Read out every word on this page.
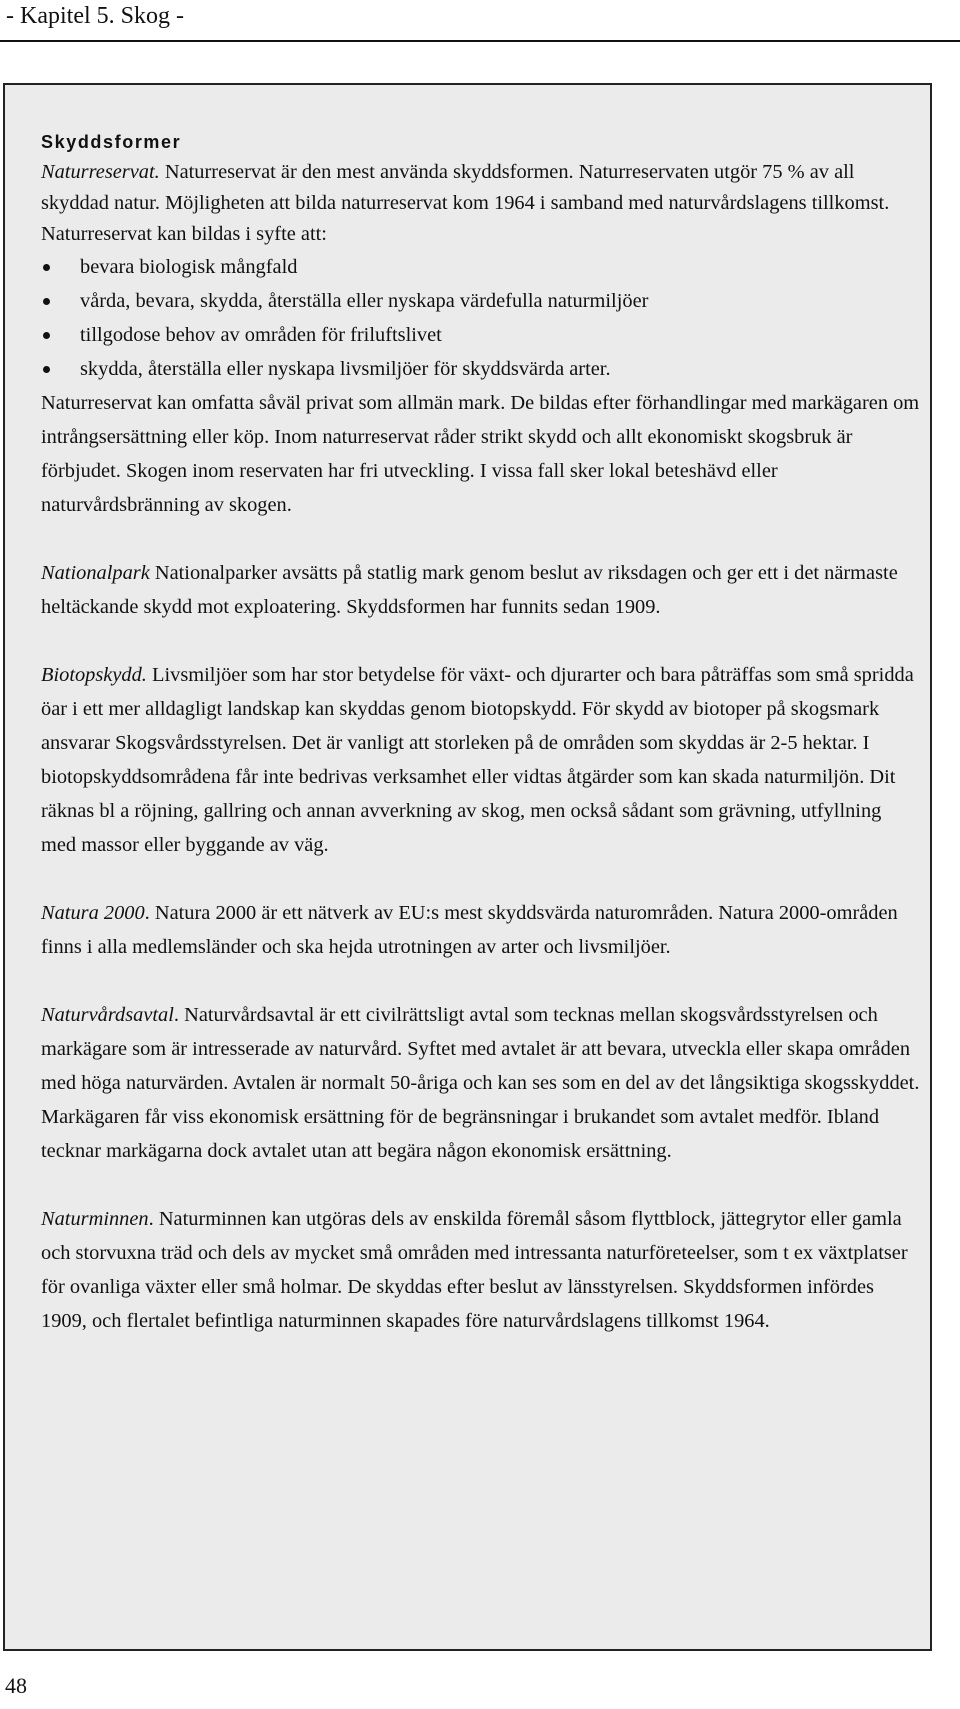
- Kapitel 5. Skog -
Skyddsformer

Naturreservat. Naturreservat är den mest använda skyddsformen. Naturreservaten utgör 75 % av all skyddad natur. Möjligheten att bilda naturreservat kom 1964 i samband med naturvårdslagens tillkomst. Naturreservat kan bildas i syfte att:

bevara biologisk mångfald
vårda, bevara, skydda, återställa eller nyskapa värdefulla naturmiljöer
tillgodose behov av områden för friluftslivet
skydda, återställa eller nyskapa livsmiljöer för skyddsvärda arter.

Naturreservat kan omfatta såväl privat som allmän mark. De bildas efter förhandlingar med markägaren om intrångsersättning eller köp. Inom naturreservat råder strikt skydd och allt ekonomiskt skogsbruk är förbjudet. Skogen inom reservaten har fri utveckling. I vissa fall sker lokal beteshävd eller naturvårdsbränning av skogen.

Nationalpark Nationalparker avsätts på statlig mark genom beslut av riksdagen och ger ett i det närmaste heltäckande skydd mot exploatering. Skyddsformen har funnits sedan 1909.

Biotopskydd. Livsmiljöer som har stor betydelse för växt- och djurarter och bara påträffas som små spridda öar i ett mer alldagligt landskap kan skyddas genom biotopskydd. För skydd av biotoper på skogsmark ansvarar Skogsvårdsstyrelsen. Det är vanligt att storleken på de områden som skyddas är 2-5 hektar. I biotopskyddsområdena får inte bedrivas verksamhet eller vidtas åtgärder som kan skada naturmiljön. Dit räknas bl a röjning, gallring och annan avverkning av skog, men också sådant som grävning, utfyllning med massor eller byggande av väg.

Natura 2000. Natura 2000 är ett nätverk av EU:s mest skyddsvärda naturområden. Natura 2000-områden finns i alla medlemsländer och ska hejda utrotningen av arter och livsmiljöer.

Naturvårdsavtal. Naturvårdsavtal är ett civilrättsligt avtal som tecknas mellan skogsvårdsstyrelsen och markägare som är intresserade av naturvård. Syftet med avtalet är att bevara, utveckla eller skapa områden med höga naturvärden. Avtalen är normalt 50-åriga och kan ses som en del av det långsiktiga skogsskyddet. Markägaren får viss ekonomisk ersättning för de begränsningar i brukandet som avtalet medför. Ibland tecknar markägarna dock avtalet utan att begära någon ekonomisk ersättning.

Naturminnen. Naturminnen kan utgöras dels av enskilda föremål såsom flyttblock, jättegrytor eller gamla och storvuxna träd och dels av mycket små områden med intressanta naturföreteelser, som t ex växtplatser för ovanliga växter eller små holmar. De skyddas efter beslut av länsstyrelsen. Skyddsformen infördes 1909, och flertalet befintliga naturminnen skapades före naturvårdslagens tillkomst 1964.

48
